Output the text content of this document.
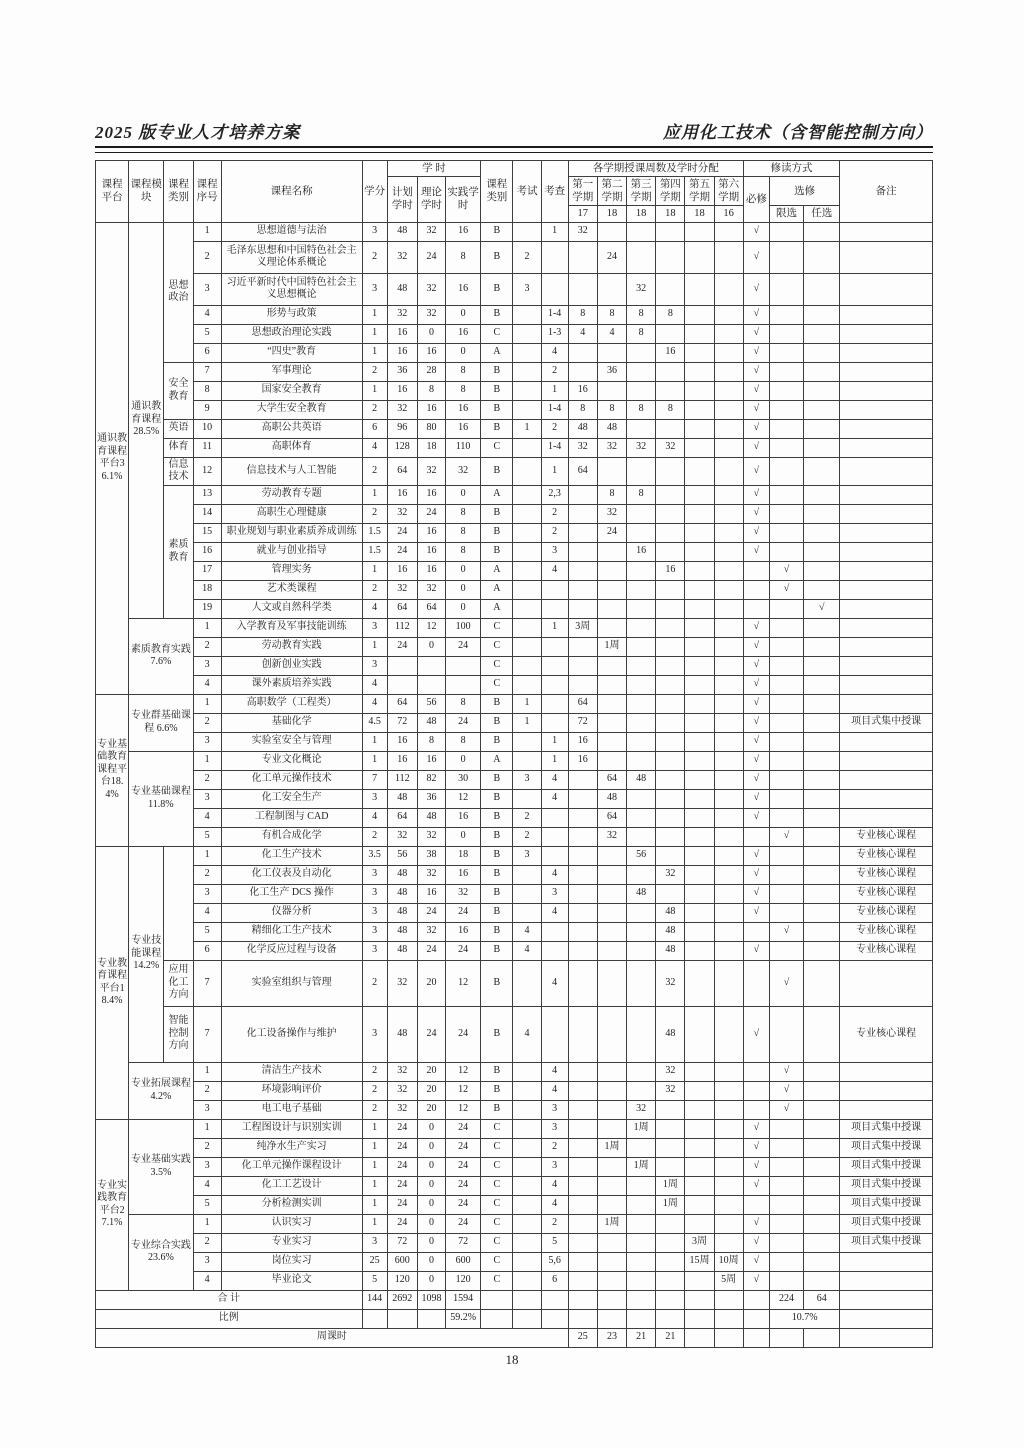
2025 版专业人才培养方案	应用化工技术（含智能控制方向）
课程平台	课程模块	课程类别	课程序号	课程名称	学分	学 时			课程类别	考试	考查	各学期授课周数及学时分配						修读方式			备注
						计划学时	理论学时	实践学时				第一学期	第二学期	第三学期	第四学期	第五学期	第六学期	必修	选修		
												17	18	18	18	18	16		限选	任选	
通识教育课程平台36.1%	通识教育课程28.5%	思想政治	1	思想道德与法治	3	48	32	16	B		1	32						√			
			2	毛泽东思想和中国特色社会主义理论体系概论	2	32	24	8	B	2			24					√			
			3	习近平新时代中国特色社会主义思想概论	3	48	32	16	B	3				32				√			
			4	形势与政策	1	32	32	0	B		1-4	8	8	8	8			√			
			5	思想政治理论实践	1	16	0	16	C		1-3	4	4	8				√			
			6	“四史”教育	1	16	16	0	A		4				16			√			
		安全教育	7	军事理论	2	36	28	8	B		2		36					√			
			8	国家安全教育	1	16	8	8	B		1	16						√			
			9	大学生安全教育	2	32	16	16	B		1-4	8	8	8	8			√			
		英语	10	高职公共英语	6	96	80	16	B	1	2	48	48					√			
		体育	11	高职体育	4	128	18	110	C		1-4	32	32	32	32			√			
		信息技术	12	信息技术与人工智能	2	64	32	32	B		1	64						√			
		素质教育	13	劳动教育专题	1	16	16	0	A		2,3		8	8				√			
			14	高职生心理健康	2	32	24	8	B		2		32					√			
			15	职业规划与职业素质养成训练	1.5	24	16	8	B		2		24					√			
			16	就业与创业指导	1.5	24	16	8	B		3			16				√			
			17	管理实务	1	16	16	0	A		4				16				√		
			18	艺术类课程	2	32	32	0	A										√		
			19	人文或自然科学类	4	64	64	0	A											√	
	素质教育实践 7.6%		1	入学教育及军事技能训练	3	112	12	100	C		1	3周						√			
			2	劳动教育实践	1	24	0	24	C				1周					√			
			3	创新创业实践	3				C									√			
			4	课外素质培养实践	4				C									√			
专业基础教育课程平台18.4%	专业群基础课程 6.6%		1	高职数学（工程类）	4	64	56	8	B	1		64						√			
			2	基础化学	4.5	72	48	24	B	1		72						√			项目式集中授课
			3	实验室安全与管理	1	16	8	8	B		1	16						√			
	专业基础课程 11.8%		1	专业文化概论	1	16	16	0	A		1	16						√			
			2	化工单元操作技术	7	112	82	30	B	3	4		64	48				√			
			3	化工安全生产	3	48	36	12	B		4		48					√			
			4	工程制图与 CAD	4	64	48	16	B	2			64					√			
			5	有机合成化学	2	32	32	0	B	2			32						√		专业核心课程
专业教育课程平台18.4%	专业技能课程 14.2%		1	化工生产技术	3.5	56	38	18	B	3				56				√			专业核心课程
			2	化工仪表及自动化	3	48	32	16	B		4				32			√			专业核心课程
			3	化工生产 DCS 操作	3	48	16	32	B		3			48				√			专业核心课程
			4	仪器分析	3	48	24	24	B		4				48			√			专业核心课程
			5	精细化工生产技术	3	48	32	16	B	4					48				√		专业核心课程
			6	化学反应过程与设备	3	48	24	24	B	4					48			√			专业核心课程
		应用化工方向	7	实验室组织与管理	2	32	20	12	B		4				32				√		
		智能控制方向	7	化工设备操作与维护	3	48	24	24	B	4					48			√			专业核心课程
	专业拓展课程 4.2%		1	清洁生产技术	2	32	20	12	B		4				32				√		
			2	环境影响评价	2	32	20	12	B		4				32				√		
			3	电工电子基础	2	32	20	12	B		3			32					√		
专业实践教育平台27.1%	专业基础实践 3.5%		1	工程图设计与识别实训	1	24	0	24	C		3			1周				√			项目式集中授课
			2	纯净水生产实习	1	24	0	24	C		2		1周					√			项目式集中授课
			3	化工单元操作课程设计	1	24	0	24	C		3			1周				√			项目式集中授课
			4	化工工艺设计	1	24	0	24	C		4				1周			√			项目式集中授课
			5	分析检测实训	1	24	0	24	C		4				1周						项目式集中授课
	专业综合实践 23.6%		1	认识实习	1	24	0	24	C		2		1周					√			项目式集中授课
			2	专业实习	3	72	0	72	C		5					3周		√			项目式集中授课
			3	岗位实习	25	600	0	600	C		5,6					15周	10周	√			
			4	毕业论文	5	120	0	120	C		6						5周	√			
合 计					144	2692	1098	1594											224	64	
比例								59.2%											10.7%		
周课时												25	23	21	21						
18
